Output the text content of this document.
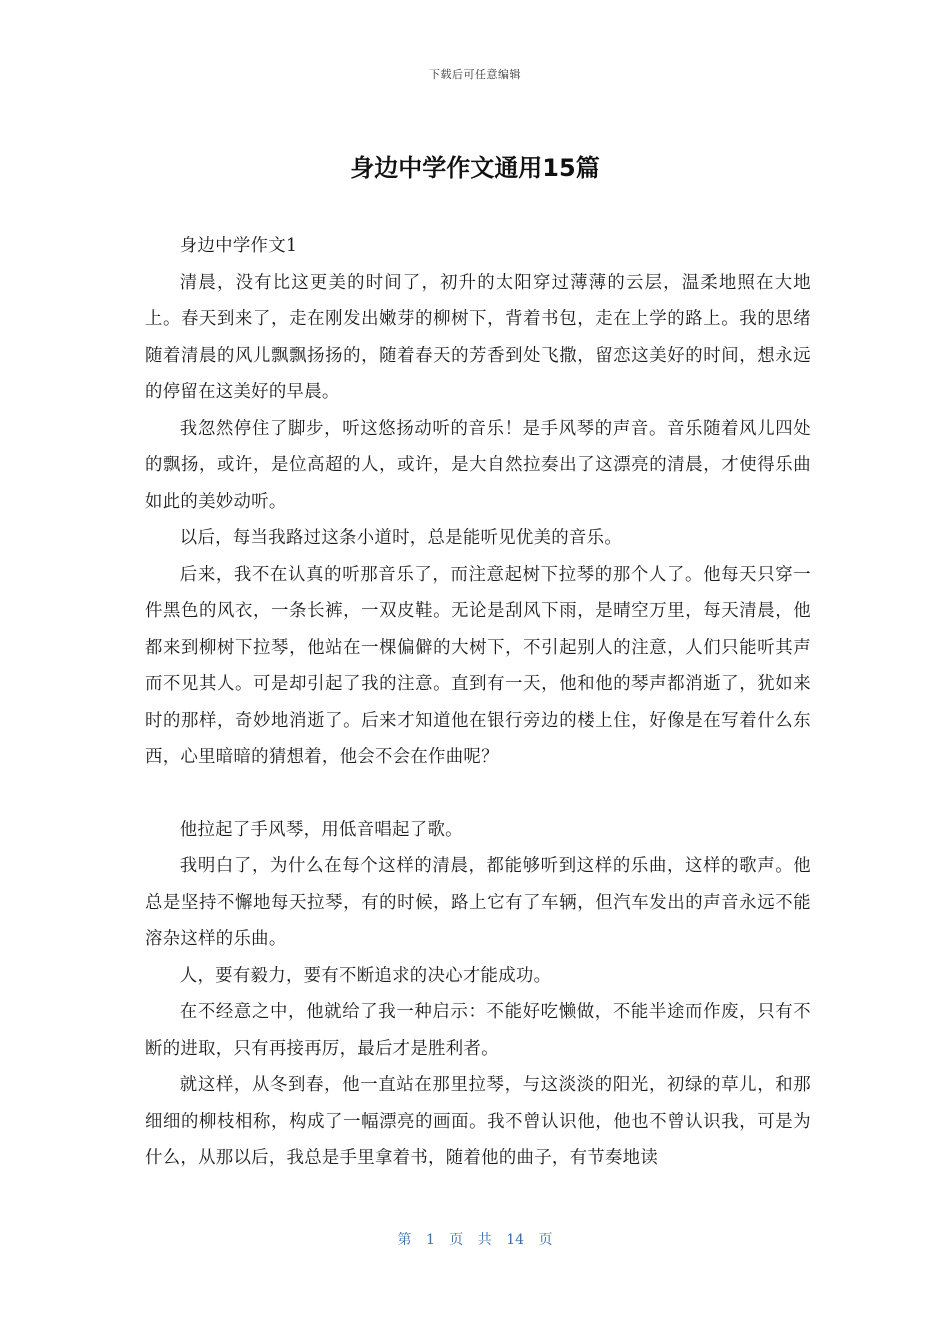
下载后可任意编辑
身边中学作文通用15篇

身边中学作文1

清晨，没有比这更美的时间了，初升的太阳穿过薄薄的云层，温柔地照在大地上。春天到来了，走在刚发出嫩芽的柳树下，背着书包，走在上学的路上。我的思绪随着清晨的风儿飘飘扬扬的，随着春天的芳香到处飞撒，留恋这美好的时间，想永远的停留在这美好的早晨。

我忽然停住了脚步，听这悠扬动听的音乐！是手风琴的声音。音乐随着风儿四处的飘扬，或许，是位高超的人，或许，是大自然拉奏出了这漂亮的清晨，才使得乐曲如此的美妙动听。

以后，每当我路过这条小道时，总是能听见优美的音乐。

后来，我不在认真的听那音乐了，而注意起树下拉琴的那个人了。他每天只穿一件黑色的风衣，一条长裤，一双皮鞋。无论是刮风下雨，是晴空万里，每天清晨，他都来到柳树下拉琴，他站在一棵偏僻的大树下，不引起别人的注意，人们只能听其声而不见其人。可是却引起了我的注意。直到有一天，他和他的琴声都消逝了，犹如来时的那样，奇妙地消逝了。后来才知道他在银行旁边的楼上住，好像是在写着什么东西，心里暗暗的猜想着，他会不会在作曲呢？

他拉起了手风琴，用低音唱起了歌。

我明白了，为什么在每个这样的清晨，都能够听到这样的乐曲，这样的歌声。他总是坚持不懈地每天拉琴，有的时候，路上它有了车辆，但汽车发出的声音永远不能溶杂这样的乐曲。

人，要有毅力，要有不断追求的决心才能成功。

在不经意之中，他就给了我一种启示：不能好吃懒做，不能半途而作废，只有不断的进取，只有再接再厉，最后才是胜利者。

就这样，从冬到春，他一直站在那里拉琴，与这淡淡的阳光，初绿的草儿，和那细细的柳枝相称，构成了一幅漂亮的画面。我不曾认识他，他也不曾认识我，可是为什么，从那以后，我总是手里拿着书，随着他的曲子，有节奏地读

第 1 页 共 14 页
